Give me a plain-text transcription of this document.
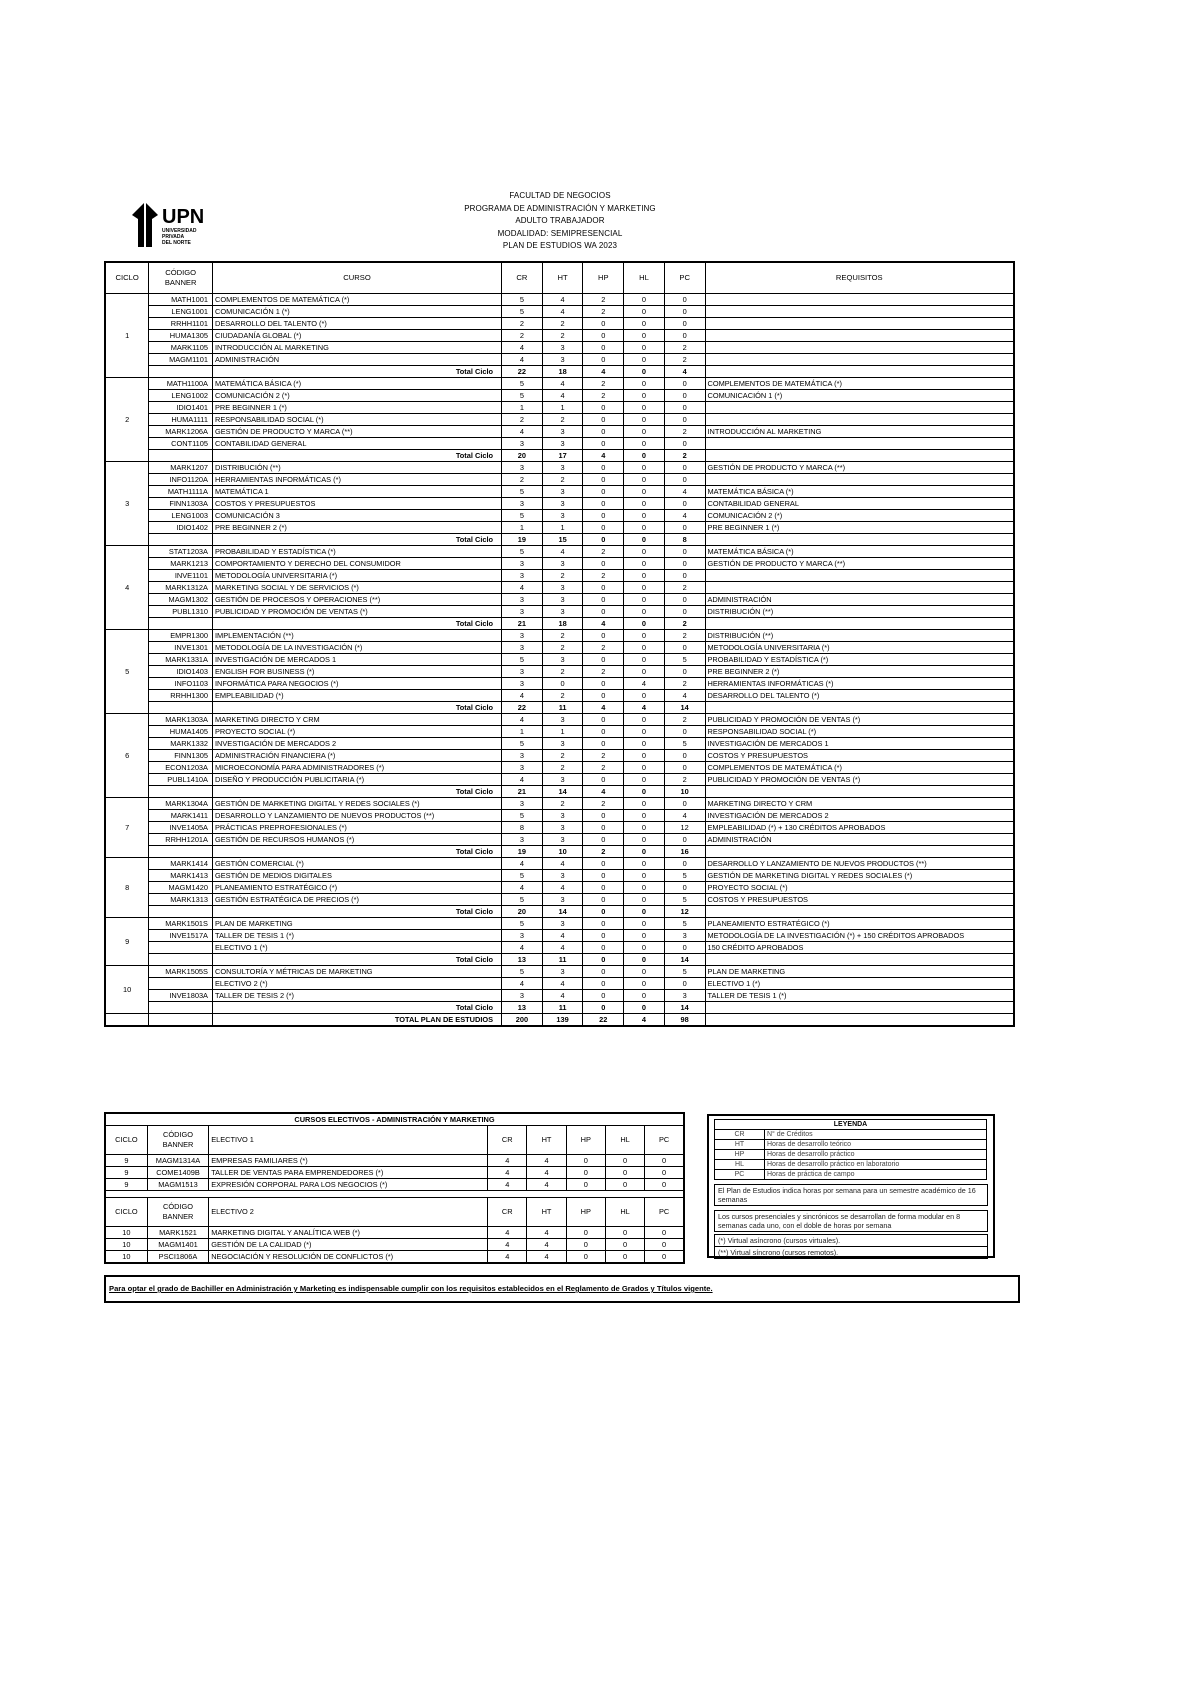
UPN
UNIVERSIDAD
PRIVADA
DEL NORTE
FACULTAD DE NEGOCIOS
PROGRAMA DE ADMINISTRACIÓN Y MARKETING
ADULTO TRABAJADOR
MODALIDAD: SEMIPRESENCIAL
PLAN DE ESTUDIOS WA 2023
CICLO	CÓDIGO BANNER	CURSO	CR	HT	HP	HL	PC	REQUISITOS
1	MATH1001	COMPLEMENTOS DE MATEMÁTICA (*)	5	4	2	0	0	
	LENG1001	COMUNICACIÓN 1 (*)	5	4	2	0	0	
	RRHH1101	DESARROLLO DEL TALENTO (*)	2	2	0	0	0	
	HUMA1305	CIUDADANÍA GLOBAL (*)	2	2	0	0	0	
	MARK1105	INTRODUCCIÓN AL MARKETING	4	3	0	0	2	
	MAGM1101	ADMINISTRACIÓN	4	3	0	0	2	
		Total Ciclo	22	18	4	0	4	
2	MATH1100A	MATEMÁTICA BÁSICA (*)	5	4	2	0	0	COMPLEMENTOS DE MATEMÁTICA (*)
	LENG1002	COMUNICACIÓN 2 (*)	5	4	2	0	0	COMUNICACIÓN 1 (*)
	IDIO1401	PRE BEGINNER 1 (*)	1	1	0	0	0	
	HUMA1111	RESPONSABILIDAD SOCIAL (*)	2	2	0	0	0	
	MARK1206A	GESTIÓN DE PRODUCTO Y MARCA (**)	4	3	0	0	2	INTRODUCCIÓN AL MARKETING
	CONT1105	CONTABILIDAD GENERAL	3	3	0	0	0	
		Total Ciclo	20	17	4	0	2	
3	MARK1207	DISTRIBUCIÓN (**)	3	3	0	0	0	GESTIÓN DE PRODUCTO Y MARCA (**)
	INFO1120A	HERRAMIENTAS INFORMÁTICAS (*)	2	2	0	0	0	
	MATH1111A	MATEMÁTICA 1	5	3	0	0	4	MATEMÁTICA BÁSICA (*)
	FINN1303A	COSTOS Y PRESUPUESTOS	3	3	0	0	0	CONTABILIDAD GENERAL
	LENG1003	COMUNICACIÓN 3	5	3	0	0	4	COMUNICACIÓN 2 (*)
	IDIO1402	PRE BEGINNER 2 (*)	1	1	0	0	0	PRE BEGINNER 1 (*)
		Total Ciclo	19	15	0	0	8	
4	STAT1203A	PROBABILIDAD Y ESTADÍSTICA (*)	5	4	2	0	0	MATEMÁTICA BÁSICA (*)
	MARK1213	COMPORTAMIENTO Y DERECHO DEL CONSUMIDOR	3	3	0	0	0	GESTIÓN DE PRODUCTO Y MARCA (**)
	INVE1101	METODOLOGÍA UNIVERSITARIA (*)	3	2	2	0	0	
	MARK1312A	MARKETING SOCIAL Y DE SERVICIOS (*)	4	3	0	0	2	
	MAGM1302	GESTIÓN DE PROCESOS Y OPERACIONES (**)	3	3	0	0	0	ADMINISTRACIÓN
	PUBL1310	PUBLICIDAD Y PROMOCIÓN DE VENTAS (*)	3	3	0	0	0	DISTRIBUCIÓN (**)
		Total Ciclo	21	18	4	0	2	
5	EMPR1300	IMPLEMENTACIÓN (**)	3	2	0	0	2	DISTRIBUCIÓN (**)
	INVE1301	METODOLOGÍA DE LA INVESTIGACIÓN (*)	3	2	2	0	0	METODOLOGÍA UNIVERSITARIA (*)
	MARK1331A	INVESTIGACIÓN DE MERCADOS 1	5	3	0	0	5	PROBABILIDAD Y ESTADÍSTICA (*)
	IDIO1403	ENGLISH FOR BUSINESS (*)	3	2	2	0	0	PRE BEGINNER 2 (*)
	INFO1103	INFORMÁTICA PARA NEGOCIOS (*)	3	0	0	4	2	HERRAMIENTAS INFORMÁTICAS (*)
	RRHH1300	EMPLEABILIDAD (*)	4	2	0	0	4	DESARROLLO DEL TALENTO (*)
		Total Ciclo	22	11	4	4	14	
6	MARK1303A	MARKETING DIRECTO Y CRM	4	3	0	0	2	PUBLICIDAD Y PROMOCIÓN DE VENTAS (*)
	HUMA1405	PROYECTO SOCIAL (*)	1	1	0	0	0	RESPONSABILIDAD SOCIAL (*)
	MARK1332	INVESTIGACIÓN DE MERCADOS 2	5	3	0	0	5	INVESTIGACIÓN DE MERCADOS 1
	FINN1305	ADMINISTRACIÓN FINANCIERA (*)	3	2	2	0	0	COSTOS Y PRESUPUESTOS
	ECON1203A	MICROECONOMÍA PARA ADMINISTRADORES (*)	3	2	2	0	0	COMPLEMENTOS DE MATEMÁTICA (*)
	PUBL1410A	DISEÑO Y PRODUCCIÓN PUBLICITARIA (*)	4	3	0	0	2	PUBLICIDAD Y PROMOCIÓN DE VENTAS (*)
		Total Ciclo	21	14	4	0	10	
7	MARK1304A	GESTIÓN DE MARKETING DIGITAL Y REDES SOCIALES (*)	3	2	2	0	0	MARKETING DIRECTO Y CRM
	MARK1411	DESARROLLO Y LANZAMIENTO DE NUEVOS PRODUCTOS (**)	5	3	0	0	4	INVESTIGACIÓN DE MERCADOS 2
	INVE1405A	PRÁCTICAS PREPROFESIONALES (*)	8	3	0	0	12	EMPLEABILIDAD (*) + 130 CRÉDITOS APROBADOS
	RRHH1201A	GESTIÓN DE RECURSOS HUMANOS (*)	3	3	0	0	0	ADMINISTRACIÓN
		Total Ciclo	19	10	2	0	16	
8	MARK1414	GESTIÓN COMERCIAL (*)	4	4	0	0	0	DESARROLLO Y LANZAMIENTO DE NUEVOS PRODUCTOS (**)
	MARK1413	GESTIÓN DE MEDIOS DIGITALES	5	3	0	0	5	GESTIÓN DE MARKETING DIGITAL Y REDES SOCIALES (*)
	MAGM1420	PLANEAMIENTO ESTRATÉGICO (*)	4	4	0	0	0	PROYECTO SOCIAL (*)
	MARK1313	GESTIÓN ESTRATÉGICA DE PRECIOS (*)	5	3	0	0	5	COSTOS Y PRESUPUESTOS
		Total Ciclo	20	14	0	0	12	
9	MARK1501S	PLAN DE MARKETING	5	3	0	0	5	PLANEAMIENTO ESTRATÉGICO (*)
	INVE1517A	TALLER DE TESIS 1 (*)	3	4	0	0	3	METODOLOGÍA DE LA INVESTIGACIÓN (*) + 150 CRÉDITOS APROBADOS
		ELECTIVO 1 (*)	4	4	0	0	0	150 CRÉDITO APROBADOS
		Total Ciclo	13	11	0	0	14	
10	MARK1505S	CONSULTORÍA Y MÉTRICAS DE MARKETING	5	3	0	0	5	PLAN DE MARKETING
		ELECTIVO 2 (*)	4	4	0	0	0	ELECTIVO 1 (*)
	INVE1803A	TALLER DE TESIS 2 (*)	3	4	0	0	3	TALLER DE TESIS 1 (*)
		Total Ciclo	13	11	0	0	14	
		TOTAL PLAN DE ESTUDIOS	200	139	22	4	98	
CURSOS ELECTIVOS - ADMINISTRACIÓN Y MARKETING							
CICLO	CÓDIGO BANNER	ELECTIVO 1	CR	HT	HP	HL	PC
9	MAGM1314A	EMPRESAS FAMILIARES (*)	4	4	0	0	0
9	COME1409B	TALLER DE VENTAS PARA EMPRENDEDORES (*)	4	4	0	0	0
9	MAGM1513	EXPRESIÓN CORPORAL PARA LOS NEGOCIOS (*)	4	4	0	0	0

CICLO	CÓDIGO BANNER	ELECTIVO 2	CR	HT	HP	HL	PC
10	MARK1521	MARKETING DIGITAL Y ANALÍTICA WEB (*)	4	4	0	0	0
10	MAGM1401	GESTIÓN DE LA CALIDAD (*)	4	4	0	0	0
10	PSCI1806A	NEGOCIACIÓN Y RESOLUCIÓN DE CONFLICTOS (*)	4	4	0	0	0
LEYENDA	
CR	N° de Créditos
HT	Horas de desarrollo teórico
HP	Horas de desarrollo práctico
HL	Horas de desarrollo práctico en laboratorio
PC	Horas de práctica de campo
El Plan de Estudios indica horas por semana para un semestre académico de 16 semanas
Los cursos presenciales y sincrónicos se desarrollan de forma modular en 8 semanas cada uno, con el doble de horas por semana
(*) Virtual asíncrono (cursos virtuales).
(**) Virtual síncrono (cursos remotos).
Para optar el grado de Bachiller en Administración y Marketing es indispensable cumplir con los requisitos establecidos en el Reglamento de Grados y Títulos vigente.
